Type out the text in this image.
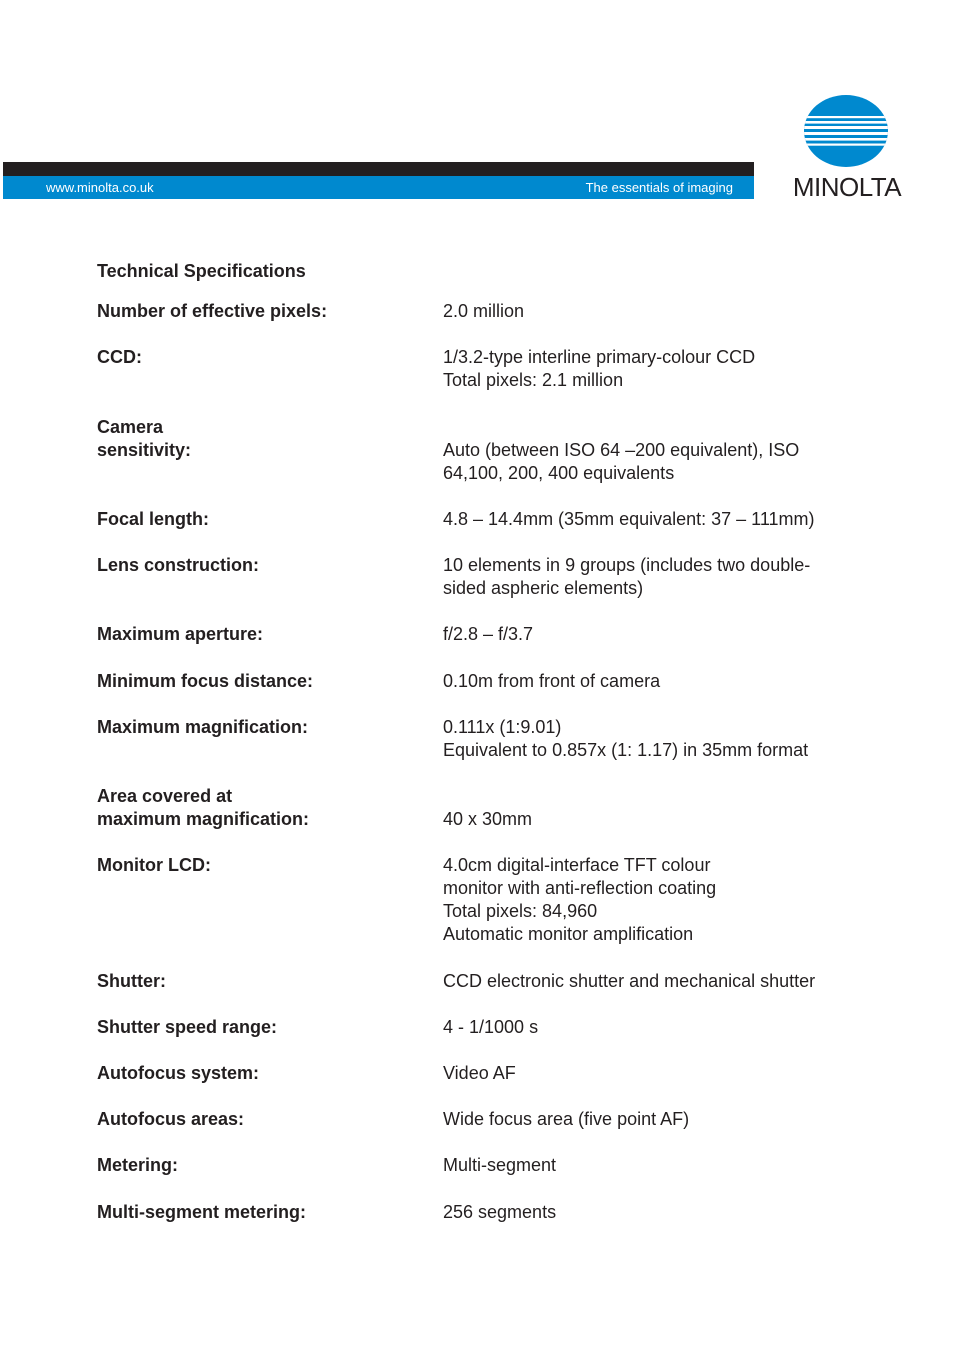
www.minolta.co.uk	The essentials of imaging MINOLTA
Technical Specifications
Number of effective pixels:	2.0 million
CCD:	1/3.2-type interline primary-colour CCD
Total pixels: 2.1 million
Camera
sensitivity:	Auto (between ISO 64 –200 equivalent), ISO
64,100, 200, 400 equivalents
Focal length:	4.8 – 14.4mm (35mm equivalent: 37 – 111mm)
Lens construction:	10 elements in 9 groups (includes two double-
sided aspheric elements)
Maximum aperture:	f/2.8 – f/3.7
Minimum focus distance:	0.10m from front of camera
Maximum magnification:	0.111x (1:9.01)
Equivalent to 0.857x (1: 1.17) in 35mm format
Area covered at
maximum magnification:	40 x 30mm
Monitor LCD:	4.0cm digital-interface TFT colour
monitor with anti-reflection coating
Total pixels: 84,960
Automatic monitor amplification
Shutter:	CCD electronic shutter and mechanical shutter
Shutter speed range:	4 - 1/1000 s
Autofocus system:	Video AF
Autofocus areas:	Wide focus area (five point AF)
Metering:	Multi-segment
Multi-segment metering:	256 segments
